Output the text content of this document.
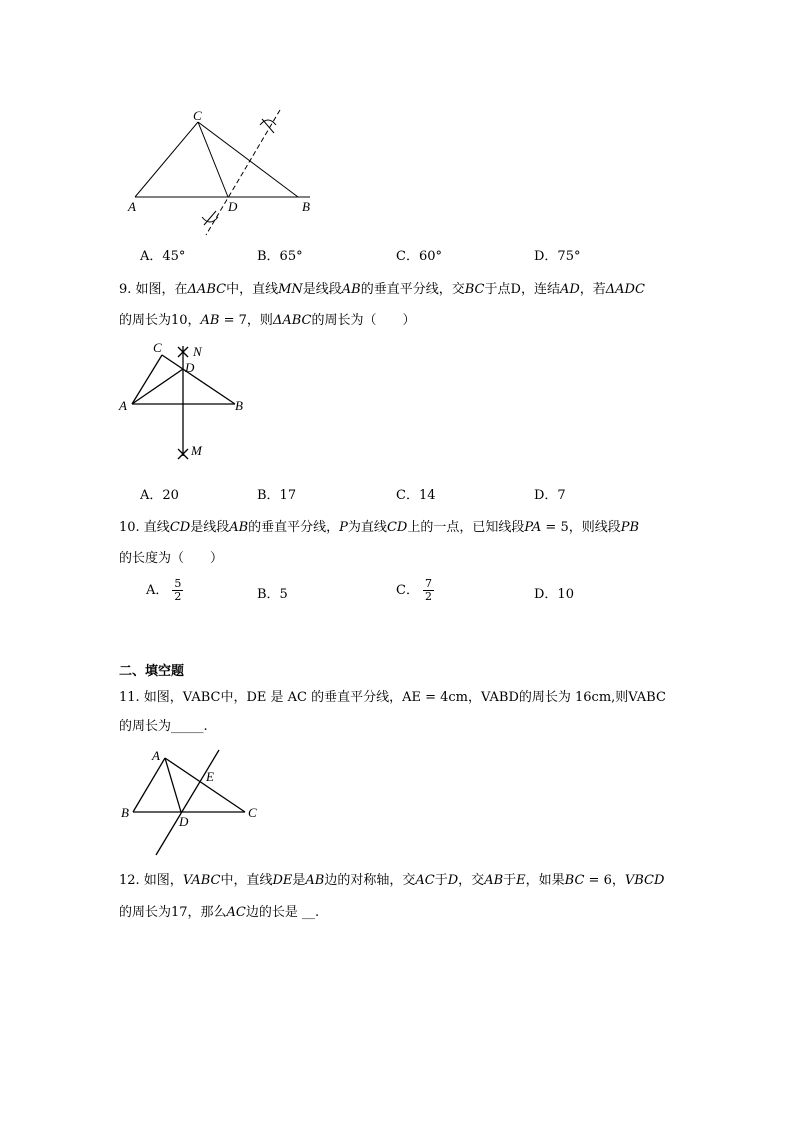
A	B
C
D
A．45°	B．65°	C．60°	D．75°
9. 如图，在ΔABC中，直线MN是线段AB的垂直平分线，交BC于点D，连结AD，若ΔADC
的周长为10，AB = 7，则ΔABC的周长为（　　）
A	B
C
D
N
M
A．20	B．17	C．14	D．7
10. 直线CD是线段AB的垂直平分线，P为直线CD上的一点，已知线段PA = 5，则线段PB
的长度为（　　）
A． $\frac{5}{2}$	B．5	C． $\frac{7}{2}$	D．10
二、填空题
11. 如图，VABC中，DE 是 AC 的垂直平分线，AE = 4cm，VABD的周长为 16cm,则VABC
的周长为_____.
B	C
A
D
E
12. 如图，VABC中，直线DE是AB边的对称轴，交AC于D，交AB于E，如果BC = 6，VBCD
的周长为17，那么AC边的长是 __.
